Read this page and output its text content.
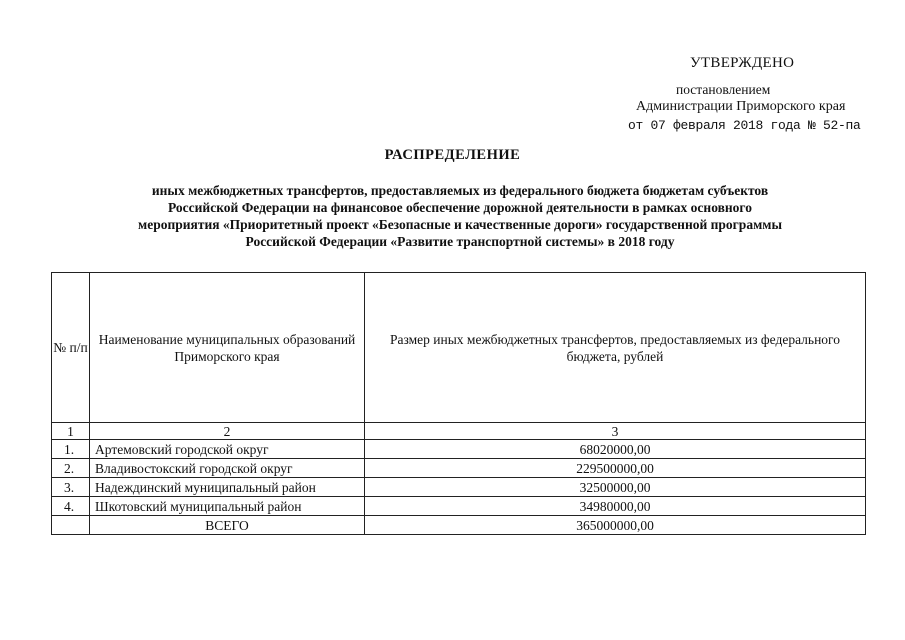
УТВЕРЖДЕНО
постановлением
Администрации Приморского края
от 07 февраля 2018 года № 52-па
РАСПРЕДЕЛЕНИЕ
иных межбюджетных трансфертов, предоставляемых из федерального бюджета бюджетам субъектов
Российской Федерации на финансовое обеспечение дорожной деятельности в рамках основного
мероприятия «Приоритетный проект «Безопасные и качественные дороги» государственной программы
Российской Федерации «Развитие транспортной системы» в 2018 году
№ п/п	Наименование муниципальных образований Приморского края	Размер иных межбюджетных трансфертов, предоставляемых из федерального бюджета, рублей
1	2	3
1.	Артемовский городской округ	68020000,00
2.	Владивостокский городской округ	229500000,00
3.	Надеждинский муниципальный район	32500000,00
4.	Шкотовский муниципальный район	34980000,00
	ВСЕГО	365000000,00
